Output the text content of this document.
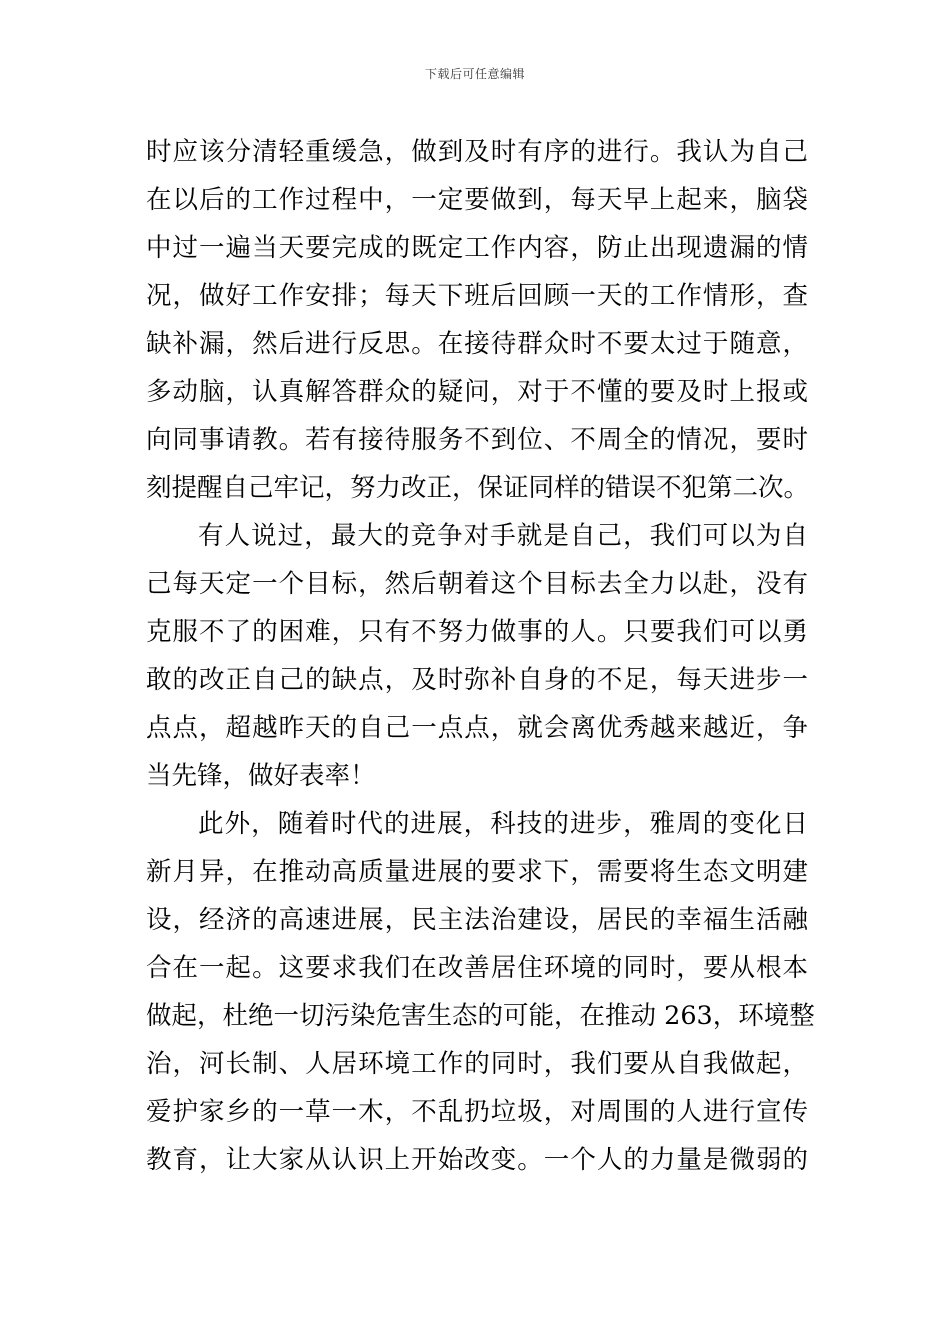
下载后可任意编辑
时应该分清轻重缓急，做到及时有序的进行。我认为自己
在以后的工作过程中，一定要做到，每天早上起来，脑袋
中过一遍当天要完成的既定工作内容，防止出现遗漏的情
况，做好工作安排；每天下班后回顾一天的工作情形，查
缺补漏，然后进行反思。在接待群众时不要太过于随意，
多动脑，认真解答群众的疑问，对于不懂的要及时上报或
向同事请教。若有接待服务不到位、不周全的情况，要时
刻提醒自己牢记，努力改正，保证同样的错误不犯第二次。
有人说过，最大的竞争对手就是自己，我们可以为自
己每天定一个目标，然后朝着这个目标去全力以赴，没有
克服不了的困难，只有不努力做事的人。只要我们可以勇
敢的改正自己的缺点，及时弥补自身的不足，每天进步一
点点，超越昨天的自己一点点，就会离优秀越来越近，争
当先锋，做好表率！
此外，随着时代的进展，科技的进步，雅周的变化日
新月异，在推动高质量进展的要求下，需要将生态文明建
设，经济的高速进展，民主法治建设，居民的幸福生活融
合在一起。这要求我们在改善居住环境的同时，要从根本
做起，杜绝一切污染危害生态的可能，在推动 263，环境整
治，河长制、人居环境工作的同时，我们要从自我做起，
爱护家乡的一草一木，不乱扔垃圾，对周围的人进行宣传
教育，让大家从认识上开始改变。一个人的力量是微弱的
